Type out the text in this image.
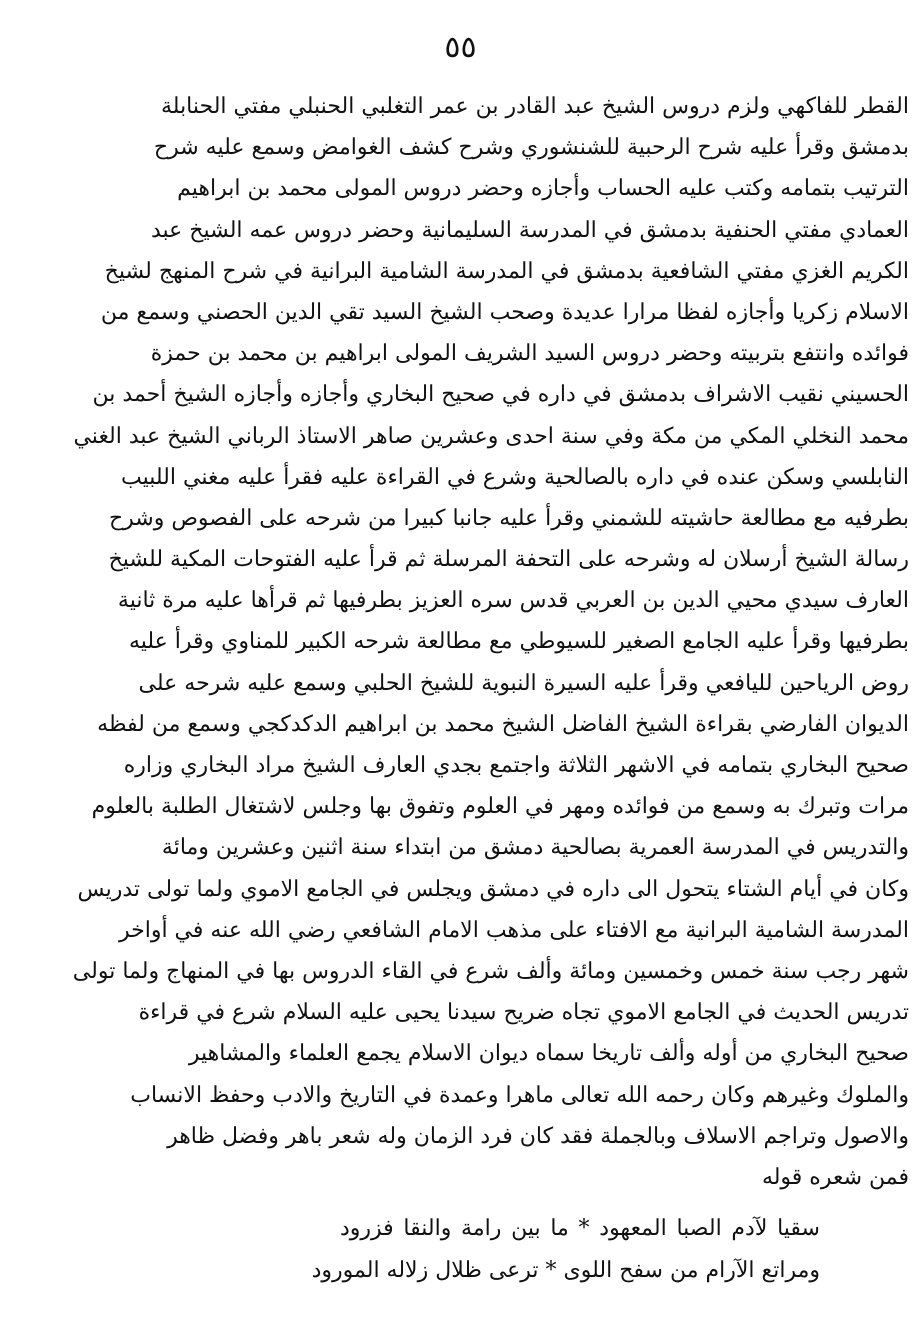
٥٥
القطر للفاكهي ولزم دروس الشيخ عبد القادر بن عمر التغلبي الحنبلي مفتي الحنابلة
بدمشق وقرأ عليه شرح الرحبية للشنشوري وشرح كشف الغوامض وسمع عليه شرح
الترتيب بتمامه وكتب عليه الحساب وأجازه وحضر دروس المولى محمد بن ابراهيم
العمادي مفتي الحنفية بدمشق في المدرسة السليمانية وحضر دروس عمه الشيخ عبد
الكريم الغزي مفتي الشافعية بدمشق في المدرسة الشامية البرانية في شرح المنهج لشيخ
الاسلام زكريا وأجازه لفظا مرارا عديدة وصحب الشيخ السيد تقي الدين الحصني وسمع من
فوائده وانتفع بتربيته وحضر دروس السيد الشريف المولى ابراهيم بن محمد بن حمزة
الحسيني نقيب الاشراف بدمشق في داره في صحيح البخاري وأجازه وأجازه الشيخ أحمد بن
محمد النخلي المكي من مكة وفي سنة احدى وعشرين صاهر الاستاذ الرباني الشيخ عبد الغني
النابلسي وسكن عنده في داره بالصالحية وشرع في القراءة عليه فقرأ عليه مغني اللبيب
بطرفيه مع مطالعة حاشيته للشمني وقرأ عليه جانبا كبيرا من شرحه على الفصوص وشرح
رسالة الشيخ أرسلان له وشرحه على التحفة المرسلة ثم قرأ عليه الفتوحات المكية للشيخ
العارف سيدي محيي الدين بن العربي قدس سره العزيز بطرفيها ثم قرأها عليه مرة ثانية
بطرفيها وقرأ عليه الجامع الصغير للسيوطي مع مطالعة شرحه الكبير للمناوي وقرأ عليه
روض الرياحين لليافعي وقرأ عليه السيرة النبوية للشيخ الحلبي وسمع عليه شرحه على
الديوان الفارضي بقراءة الشيخ الفاضل الشيخ محمد بن ابراهيم الدكدكجي وسمع من لفظه
صحيح البخاري بتمامه في الاشهر الثلاثة واجتمع بجدي العارف الشيخ مراد البخاري وزاره
مرات وتبرك به وسمع من فوائده ومهر في العلوم وتفوق بها وجلس لاشتغال الطلبة بالعلوم
والتدريس في المدرسة العمرية بصالحية دمشق من ابتداء سنة اثنين وعشرين ومائة
وكان في أيام الشتاء يتحول الى داره في دمشق ويجلس في الجامع الاموي ولما تولى تدريس
المدرسة الشامية البرانية مع الافتاء على مذهب الامام الشافعي رضي الله عنه في أواخر
شهر رجب سنة خمس وخمسين ومائة وألف شرع في القاء الدروس بها في المنهاج ولما تولى
تدريس الحديث في الجامع الاموي تجاه ضريح سيدنا يحيى عليه السلام شرع في قراءة
صحيح البخاري من أوله وألف تاريخا سماه ديوان الاسلام يجمع العلماء والمشاهير
والملوك وغيرهم وكان رحمه الله تعالى ماهرا وعمدة في التاريخ والادب وحفظ الانساب
والاصول وتراجم الاسلاف وبالجملة فقد كان فرد الزمان وله شعر باهر وفضل ظاهر
فمن شعره قوله
سقيا لآدم الصبا المعهود * ما بين رامة والنقا فزرود
ومراتع الآرام من سفح اللوى * ترعى ظلال زلاله المورود
